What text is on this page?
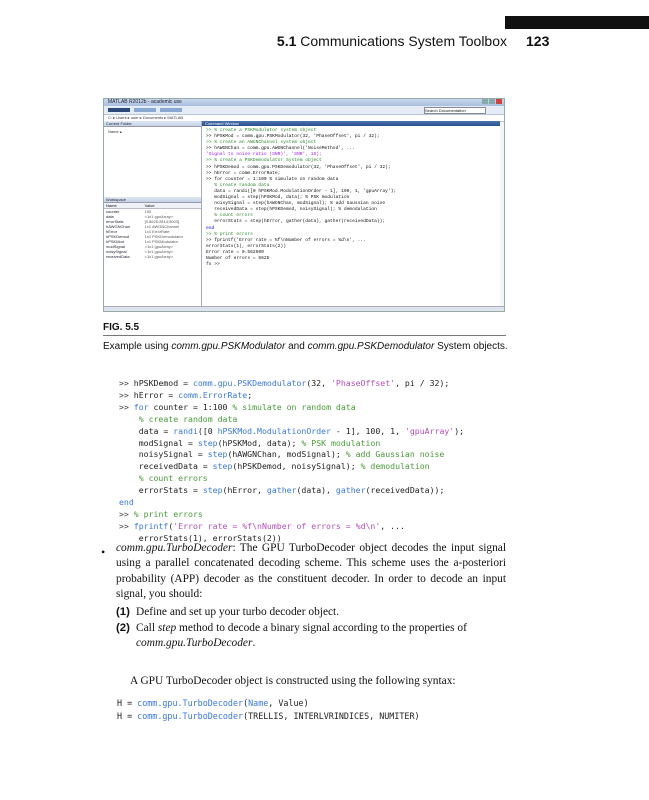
5.1 Communications System Toolbox 123
MATLAB R2012b - academic use
Search Documentation
C: ▸ Users ▸ user ▸ Documents ▸ MATLAB
Current Folder
Name ▴
Workspace
Name	Value
counter	100
data	<1x1 gpuArray>
errorStats	[0.5625;2814;5003]
hAWGNChan	1x1 AWGNChannel
hError	1x1 ErrorRate
hPSKDemod	1x1 PSKDemodulator
hPSKMod	1x1 PSKModulator
modSignal	<1x1 gpuArray>
noisySignal	<1x1 gpuArray>
receivedData	<1x1 gpuArray>
Command Window
>> % create a PSKModulator system object
>> hPSKMod = comm.gpu.PSKModulator(32, 'PhaseOffset', pi / 32);
>> % create an AWGNChannel system object
>> hAWGNChan = comm.gpu.AWGNChannel('NoiseMethod', ...
'Signal to noise ratio (SNR)', 'SNR', 15);
>> % create a PSKDemodulator System object
>> hPSKDemod = comm.gpu.PSKDemodulator(32, 'PhaseOffset', pi / 32);
>> hError = comm.ErrorRate;
>> for counter = 1:100 % simulate on random data
% create random data
data = randi([0 hPSKMod.ModulationOrder - 1], 100, 1, 'gpuArray');
modSignal = step(hPSKMod, data); % PSK modulation
noisySignal = step(hAWGNChan, modSignal); % add Gaussian noise
receivedData = step(hPSKDemod, noisySignal); % demodulation
% count errors
errorStats = step(hError, gather(data), gather(receivedData));
end
>> % print errors
>> fprintf('Error rate = %f\nNumber of errors = %d\n', ...
errorStats(1), errorStats(2))
Error rate = 0.562500
Number of errors = 5625
fx >>
FIG. 5.5
Example using comm.gpu.PSKModulator and comm.gpu.PSKDemodulator System objects.
>> hPSKDemod = comm.gpu.PSKDemodulator(32, 'PhaseOffset', pi / 32);
>> hError = comm.ErrorRate;
>> for counter = 1:100 % simulate on random data
% create random data
data = randi([0 hPSKMod.ModulationOrder - 1], 100, 1, 'gpuArray');
modSignal = step(hPSKMod, data); % PSK modulation
noisySignal = step(hAWGNChan, modSignal); % add Gaussian noise
receivedData = step(hPSKDemod, noisySignal); % demodulation
% count errors
errorStats = step(hError, gather(data), gather(receivedData));
end
>> % print errors
>> fprintf('Error rate = %f\nNumber of errors = %d\n', ...
errorStats(1), errorStats(2))
• comm.gpu.TurboDecoder: The GPU TurboDecoder object decodes the input signal using a parallel concatenated decoding scheme. This scheme uses the a-posteriori probability (APP) decoder as the constituent decoder. In order to decode an input signal, you should:
(1) Define and set up your turbo decoder object.
(2) Call step method to decode a binary signal according to the properties of comm.gpu.TurboDecoder.
A GPU TurboDecoder object is constructed using the following syntax:
H = comm.gpu.TurboDecoder(Name, Value)
H = comm.gpu.TurboDecoder(TRELLIS, INTERLVRINDICES, NUMITER)
